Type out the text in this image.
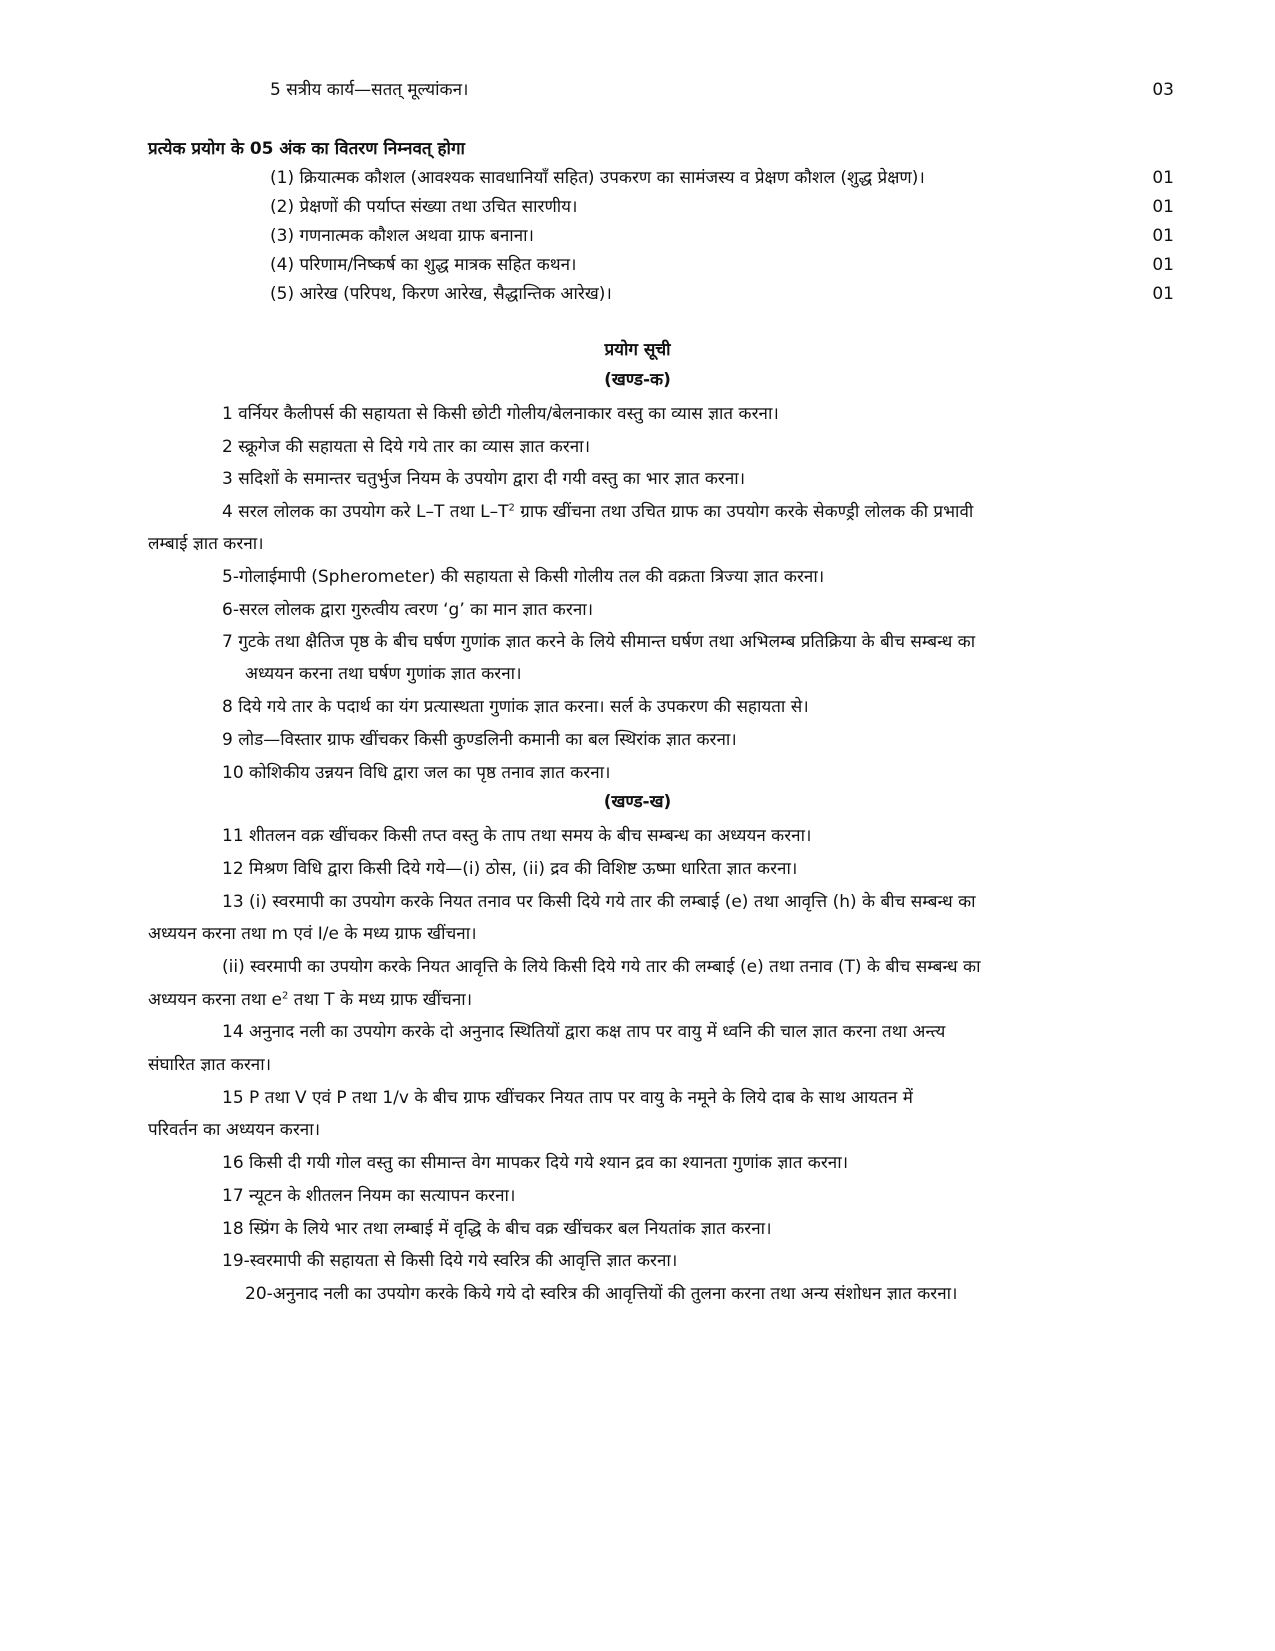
5 सत्रीय कार्य—सतत् मूल्यांकन।	03
प्रत्येक प्रयोग के 05 अंक का वितरण निम्नवत् होगा
(1) क्रियात्मक कौशल (आवश्यक सावधानियाँ सहित) उपकरण का सामंजस्य व प्रेक्षण कौशल (शुद्ध प्रेक्षण)।	01
(2) प्रेक्षणों की पर्याप्त संख्या तथा उचित सारणीय।	01
(3) गणनात्मक कौशल अथवा ग्राफ बनाना।	01
(4) परिणाम/निष्कर्ष का शुद्ध मात्रक सहित कथन।	01
(5) आरेख (परिपथ, किरण आरेख, सैद्धान्तिक आरेख)।	01
प्रयोग सूची
(खण्ड-क)
1 वर्नियर कैलीपर्स की सहायता से किसी छोटी गोलीय/बेलनाकार वस्तु का व्यास ज्ञात करना।
2 स्क्रूगेज की सहायता से दिये गये तार का व्यास ज्ञात करना।
3 सदिशों के समान्तर चतुर्भुज नियम के उपयोग द्वारा दी गयी वस्तु का भार ज्ञात करना।
4 सरल लोलक का उपयोग करे L–T तथा $L-T^2$ ग्राफ खींचना तथा उचित ग्राफ का उपयोग करके सेकण्ड्री लोलक की प्रभावी
लम्बाई ज्ञात करना।
5-गोलाईमापी (Spherometer) की सहायता से किसी गोलीय तल की वक्रता त्रिज्या ज्ञात करना।
6-सरल लोलक द्वारा गुरुत्वीय त्वरण ‘g’ का मान ज्ञात करना।
7 गुटके तथा क्षैतिज पृष्ठ के बीच घर्षण गुणांक ज्ञात करने के लिये सीमान्त घर्षण तथा अभिलम्ब प्रतिक्रिया के बीच सम्बन्ध का
अध्ययन करना तथा घर्षण गुणांक ज्ञात करना।
8 दिये गये तार के पदार्थ का यंग प्रत्यास्थता गुणांक ज्ञात करना। सर्ल के उपकरण की सहायता से।
9 लोड—विस्तार ग्राफ खींचकर किसी कुण्डलिनी कमानी का बल स्थिरांक ज्ञात करना।
10 कोशिकीय उन्नयन विधि द्वारा जल का पृष्ठ तनाव ज्ञात करना।
(खण्ड-ख)
11 शीतलन वक्र खींचकर किसी तप्त वस्तु के ताप तथा समय के बीच सम्बन्ध का अध्ययन करना।
12 मिश्रण विधि द्वारा किसी दिये गये—(i) ठोस, (ii) द्रव की विशिष्ट ऊष्मा धारिता ज्ञात करना।
13 (i) स्वरमापी का उपयोग करके नियत तनाव पर किसी दिये गये तार की लम्बाई (e) तथा आवृत्ति (h) के बीच सम्बन्ध का
अध्ययन करना तथा m एवं I/e के मध्य ग्राफ खींचना।
(ii) स्वरमापी का उपयोग करके नियत आवृत्ति के लिये किसी दिये गये तार की लम्बाई (e) तथा तनाव (T) के बीच सम्बन्ध का
अध्ययन करना तथा $e^2$ तथा T के मध्य ग्राफ खींचना।
14 अनुनाद नली का उपयोग करके दो अनुनाद स्थितियों द्वारा कक्ष ताप पर वायु में ध्वनि की चाल ज्ञात करना तथा अन्त्य
संघारित ज्ञात करना।
15 P तथा V एवं P तथा 1/v के बीच ग्राफ खींचकर नियत ताप पर वायु के नमूने के लिये दाब के साथ आयतन में
परिवर्तन का अध्ययन करना।
16 किसी दी गयी गोल वस्तु का सीमान्त वेग मापकर दिये गये श्यान द्रव का श्यानता गुणांक ज्ञात करना।
17 न्यूटन के शीतलन नियम का सत्यापन करना।
18 स्प्रिंग के लिये भार तथा लम्बाई में वृद्धि के बीच वक्र खींचकर बल नियतांक ज्ञात करना।
19-स्वरमापी की सहायता से किसी दिये गये स्वरित्र की आवृत्ति ज्ञात करना।
20-अनुनाद नली का उपयोग करके किये गये दो स्वरित्र की आवृत्तियों की तुलना करना तथा अन्य संशोधन ज्ञात करना।
